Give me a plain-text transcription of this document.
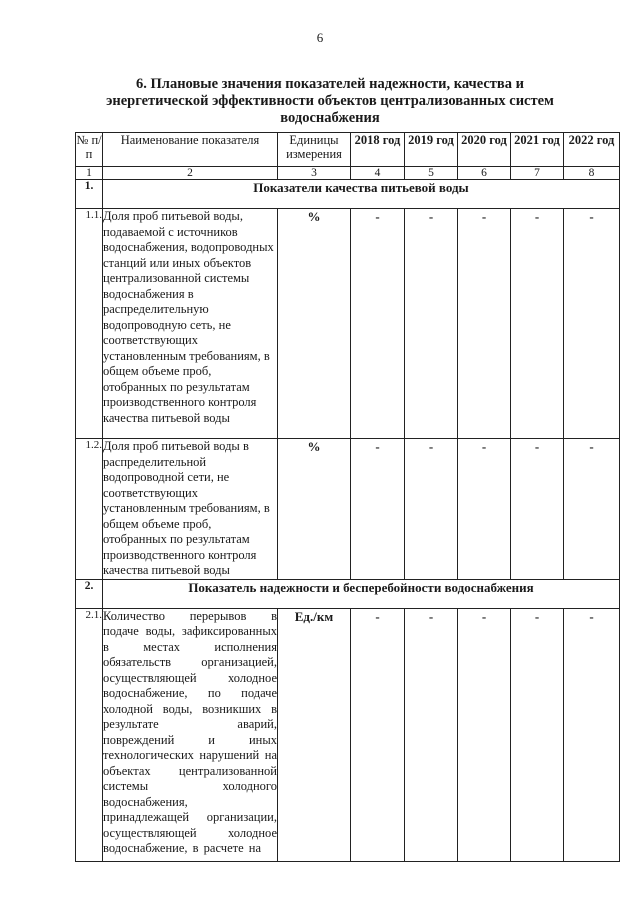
6
6. Плановые значения показателей надежности, качества и энергетической эффективности объектов централизованных систем водоснабжения
№ п/п	Наименование показателя	Единицы измерения	2018 год	2019 год	2020 год	2021 год	2022 год
1	2	3	4	5	6	7	8
1.	Показатели качества питьевой воды						
1.1.	Доля проб питьевой воды, подаваемой с источников водоснабжения, водопроводных станций или иных объектов централизованной системы водоснабжения в распределительную водопроводную сеть, не соответствующих установленным требованиям, в общем объеме проб, отобранных по результатам производственного контроля качества питьевой воды	%	-	-	-	-	-
1.2.	Доля проб питьевой воды в распределительной водопроводной сети, не соответствующих установленным требованиям, в общем объеме проб, отобранных по результатам производственного контроля качества питьевой воды	%	-	-	-	-	-
2.	Показатель надежности и бесперебойности водоснабжения						
2.1.	Количество перерывов в подаче воды, зафиксированных в местах исполнения обязательств организацией, осуществляющей холодное водоснабжение, по подаче холодной воды, возникших в результате аварий, повреждений и иных технологических нарушений на объектах централизованной системы холодного водоснабжения, принадлежащей организации, осуществляющей холодное водоснабжение, в расчете на	Ед./км	-	-	-	-	-
